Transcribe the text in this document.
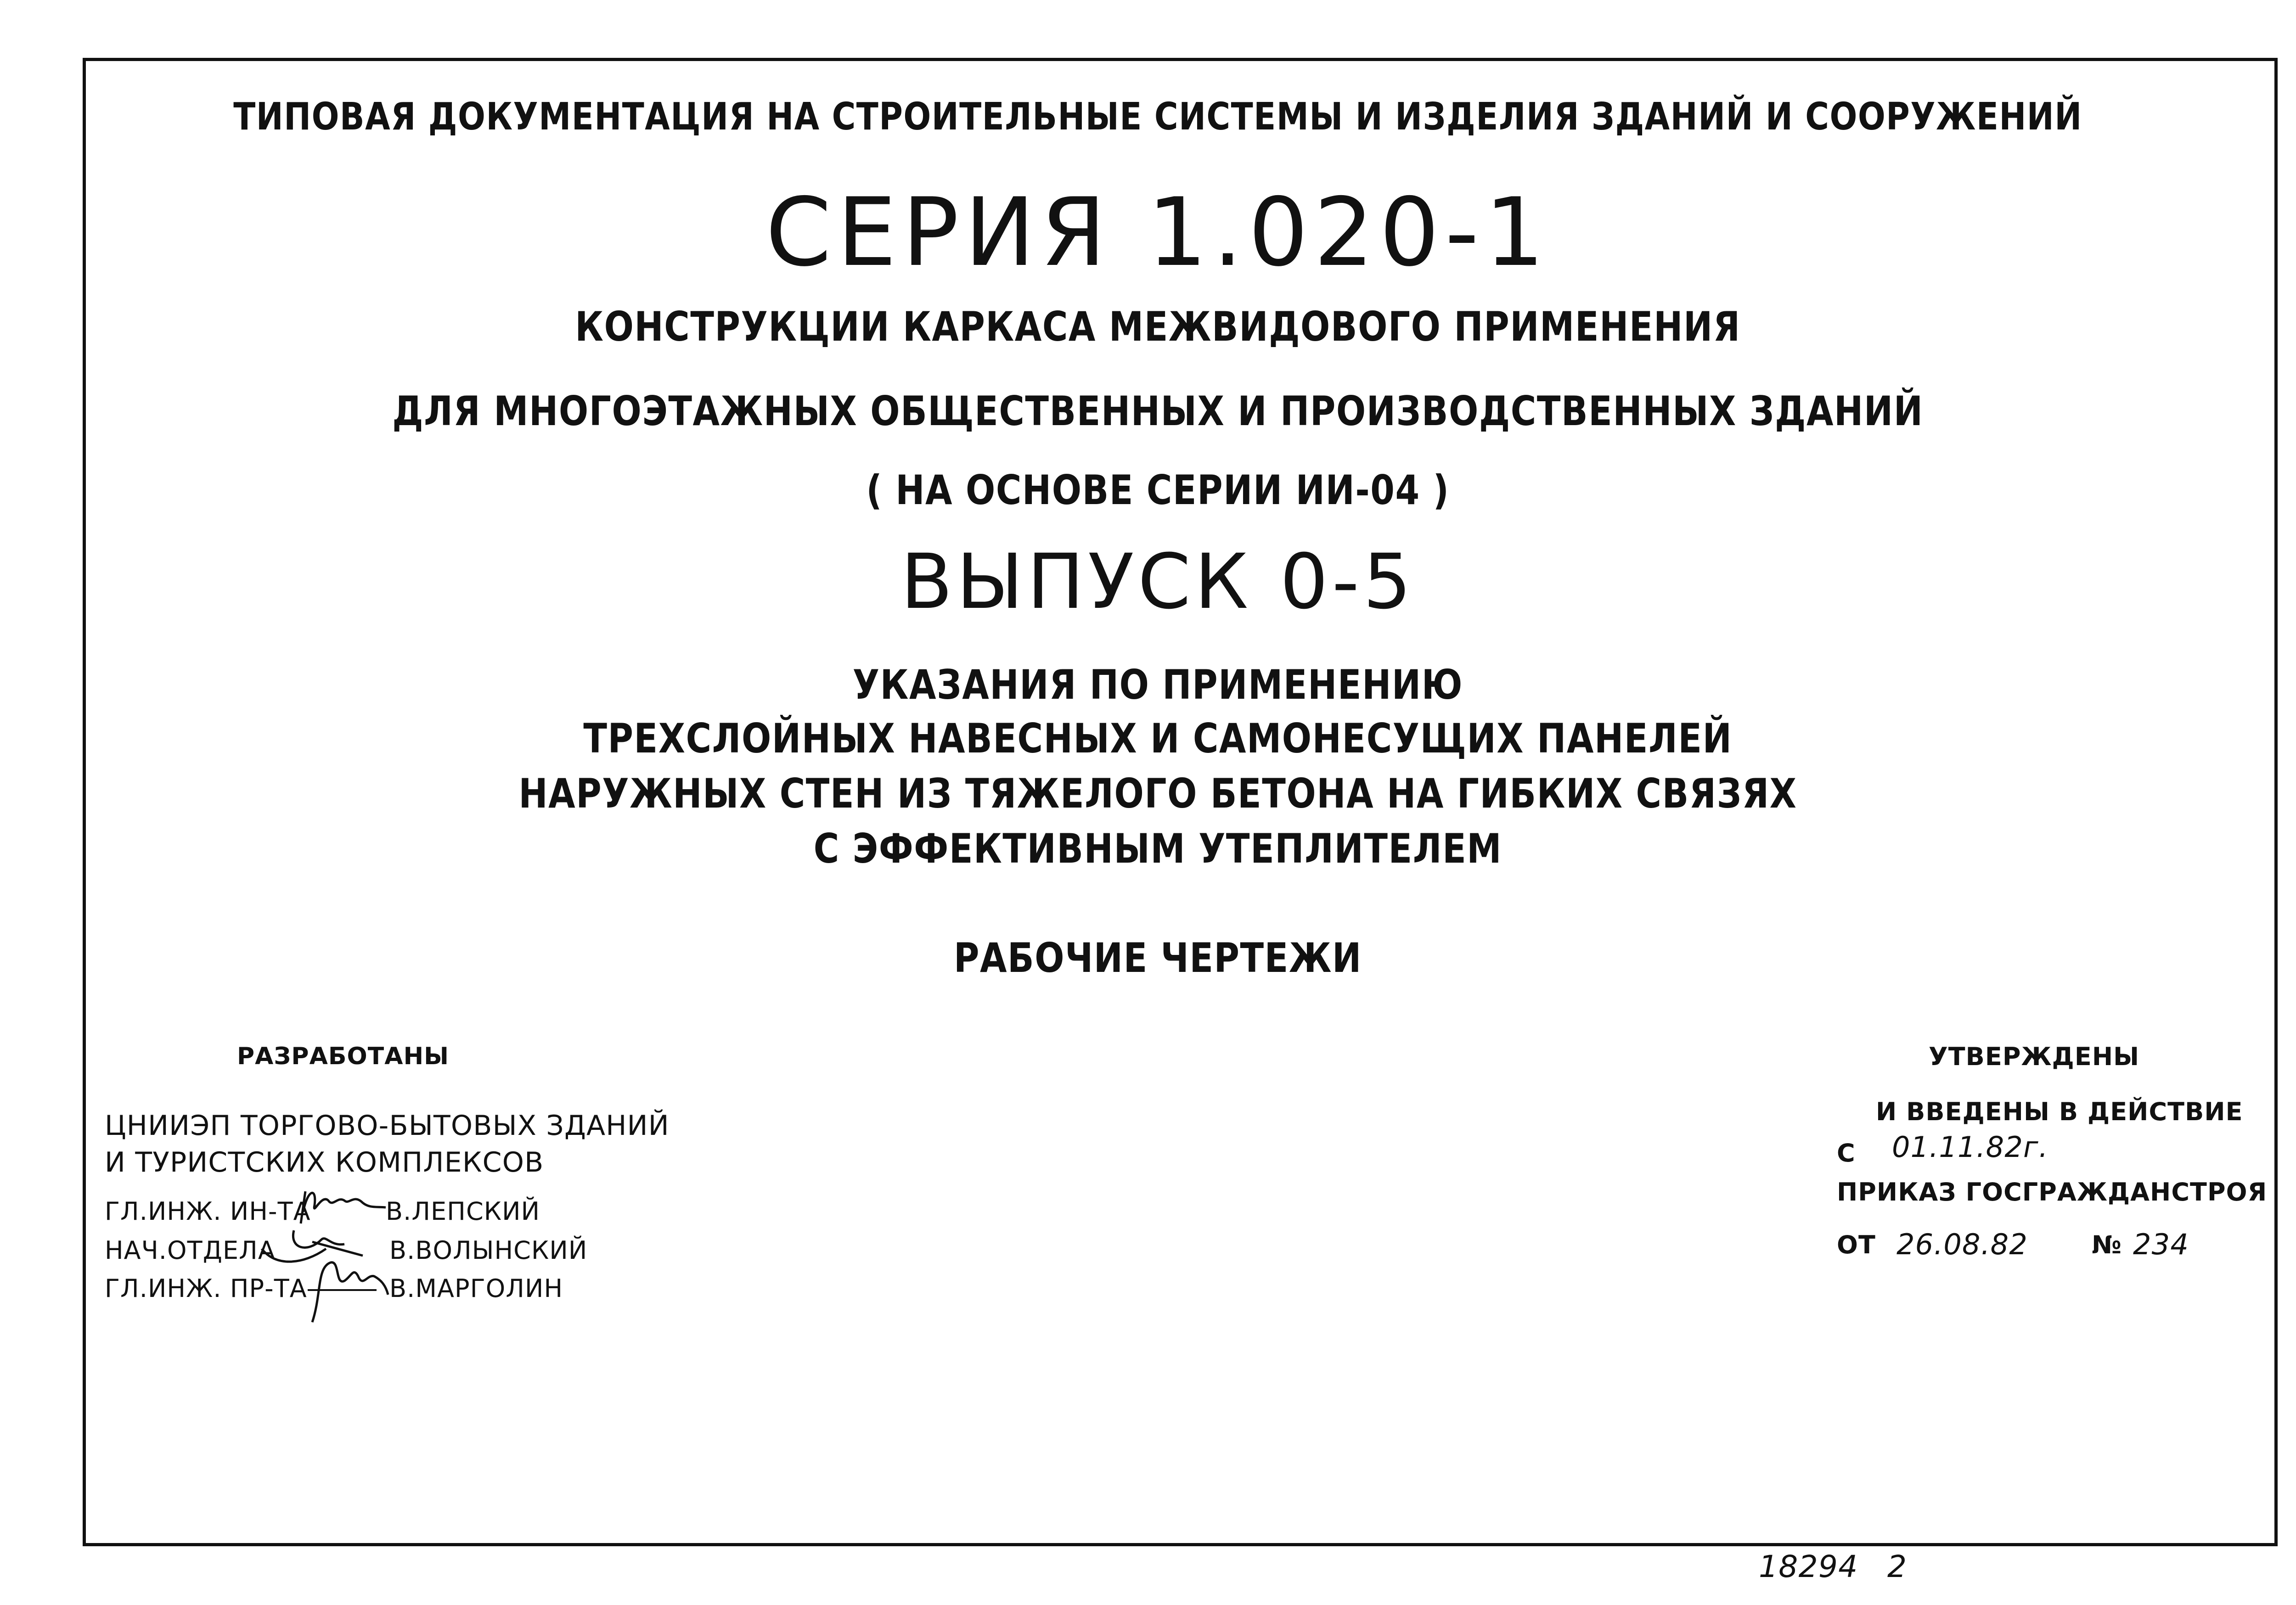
ТИПОВАЯ ДОКУМЕНТАЦИЯ НА СТРОИТЕЛЬНЫЕ СИСТЕМЫ И ИЗДЕЛИЯ ЗДАНИЙ И СООРУЖЕНИЙ
СЕРИЯ 1.020-1
КОНСТРУКЦИИ КАРКАСА МЕЖВИДОВОГО ПРИМЕНЕНИЯ
ДЛЯ МНОГОЭТАЖНЫХ ОБЩЕСТВЕННЫХ И ПРОИЗВОДСТВЕННЫХ ЗДАНИЙ
( НА ОСНОВЕ СЕРИИ ИИ-04 )
ВЫПУСК 0-5
УКАЗАНИЯ ПО ПРИМЕНЕНИЮ
ТРЕХСЛОЙНЫХ НАВЕСНЫХ И САМОНЕСУЩИХ ПАНЕЛЕЙ
НАРУЖНЫХ СТЕН ИЗ ТЯЖЕЛОГО БЕТОНА НА ГИБКИХ СВЯЗЯХ
С ЭФФЕКТИВНЫМ УТЕПЛИТЕЛЕМ
РАБОЧИЕ ЧЕРТЕЖИ
РАЗРАБОТАНЫ
ЦНИИЭП ТОРГОВО-БЫТОВЫХ ЗДАНИЙ
И ТУРИСТСКИХ КОМПЛЕКСОВ
ГЛ.ИНЖ. ИН-ТА	В.ЛЕПСКИЙ
НАЧ.ОТДЕЛА	В.ВОЛЫНСКИЙ
ГЛ.ИНЖ. ПР-ТА	В.МАРГОЛИН
УТВЕРЖДЕНЫ
И ВВЕДЕНЫ В ДЕЙСТВИЕ
С 01.11.82г.
ПРИКАЗ ГОСГРАЖДАНСТРОЯ
ОТ 26.08.82	№ 234
18294 2
